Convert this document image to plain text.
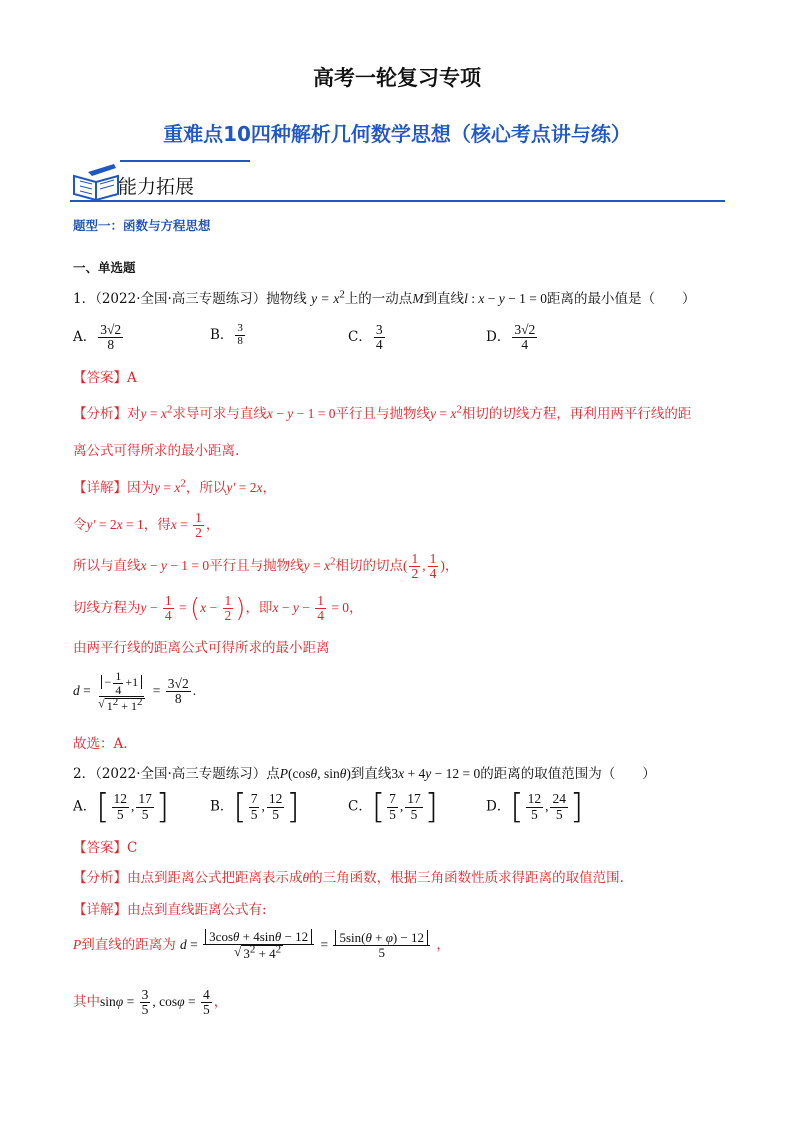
高考一轮复习专项
重难点10四种解析几何数学思想（核心考点讲与练）
能力拓展
题型一：函数与方程思想
一、单选题
1．（2022·全国·高三专题练习）抛物线 $y = x^2$上的一动点M到直线l : x − y − 1 = 0距离的最小值是（　　）
A． $\frac{3√2}{8}$	B． $\frac{3}{8}$	C． $\frac{3}{4}$	D． $\frac{3√2}{4}$
【答案】A
【分析】对$y = x^2$求导可求与直线x − y − 1 = 0平行且与抛物线$y = x^2$相切的切线方程，再利用两平行线的距
离公式可得所求的最小距离.
【详解】因为$y = x^2$，所以y′ = 2x，
令y′ = 2x = 1，得$x = \frac{1}{2}$ ，
所以与直线x − y − 1 = 0平行且与抛物线$y = x^2$相切的切点( $\frac{1}{2}$ , $\frac{1}{4}$ )，
切线方程为$y - \frac{1}{4} = (x - \frac{1}{2}$ )，即$x - y - \frac{1}{4} = 0$，
由两平行线的距离公式可得所求的最小距离
$d = \frac{- \frac{1}{4} +1}{√ 1^2 + 1^2} = \frac{3√2}{8}$ .
故选：A.
2．（2022·全国·高三专题练习）点P(cosθ, sinθ)到直线3x + 4y − 12 = 0的距离的取值范围为（　　）
A．[ $\frac{12}{5}$ , $\frac{17}{5}$ ]	B．[ $\frac{7}{5}$ , $\frac{12}{5}$ ]	C．[ $\frac{7}{5}$ , $\frac{17}{5}$ ]	D．[ $\frac{12}{5}$ , $\frac{24}{5}$ ]
【答案】C
【分析】由点到距离公式把距离表示成θ的三角函数，根据三角函数性质求得距离的取值范围.
【详解】由点到直线距离公式有:
P到直线的距离为 $d = \frac{3\cos\theta + 4\sin\theta - 12}{√ 3^2 + 4^2} = \frac{5\sin(\theta + \varphi) - 12}{5}$ ，
其中$\sin\varphi = \frac{3}{5}$ , $\cos\varphi = \frac{4}{5}$ ，
